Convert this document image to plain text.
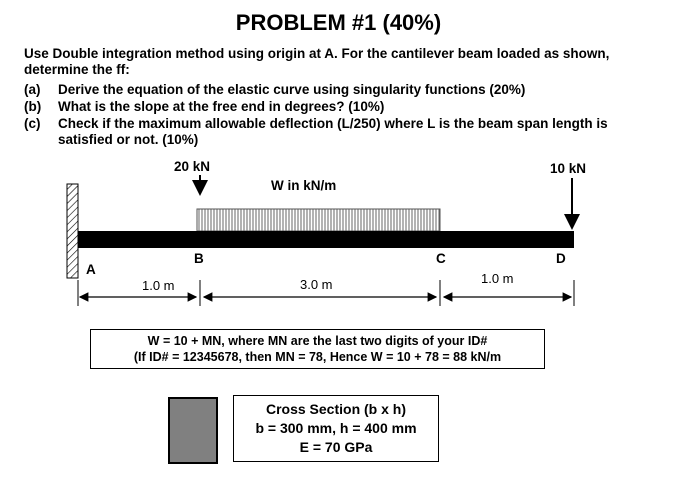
PROBLEM #1 (40%)
Use Double integration method using origin at A. For the cantilever beam loaded as shown, determine the ff:
(a) Derive the equation of the elastic curve using singularity functions (20%)
(b) What is the slope at the free end in degrees? (10%)
(c) Check if the maximum allowable deflection (L/250) where L is the beam span length is satisfied or not. (10%)
20 kN	10 kN
W in kN/m
A
B	C	D
1.0 m	3.0 m	1.0 m
W = 10 + MN, where MN are the last two digits of your ID#
(If ID# = 12345678, then MN = 78, Hence W = 10 + 78 = 88 kN/m
Cross Section (b x h)
b = 300 mm, h = 400 mm
E = 70 GPa
